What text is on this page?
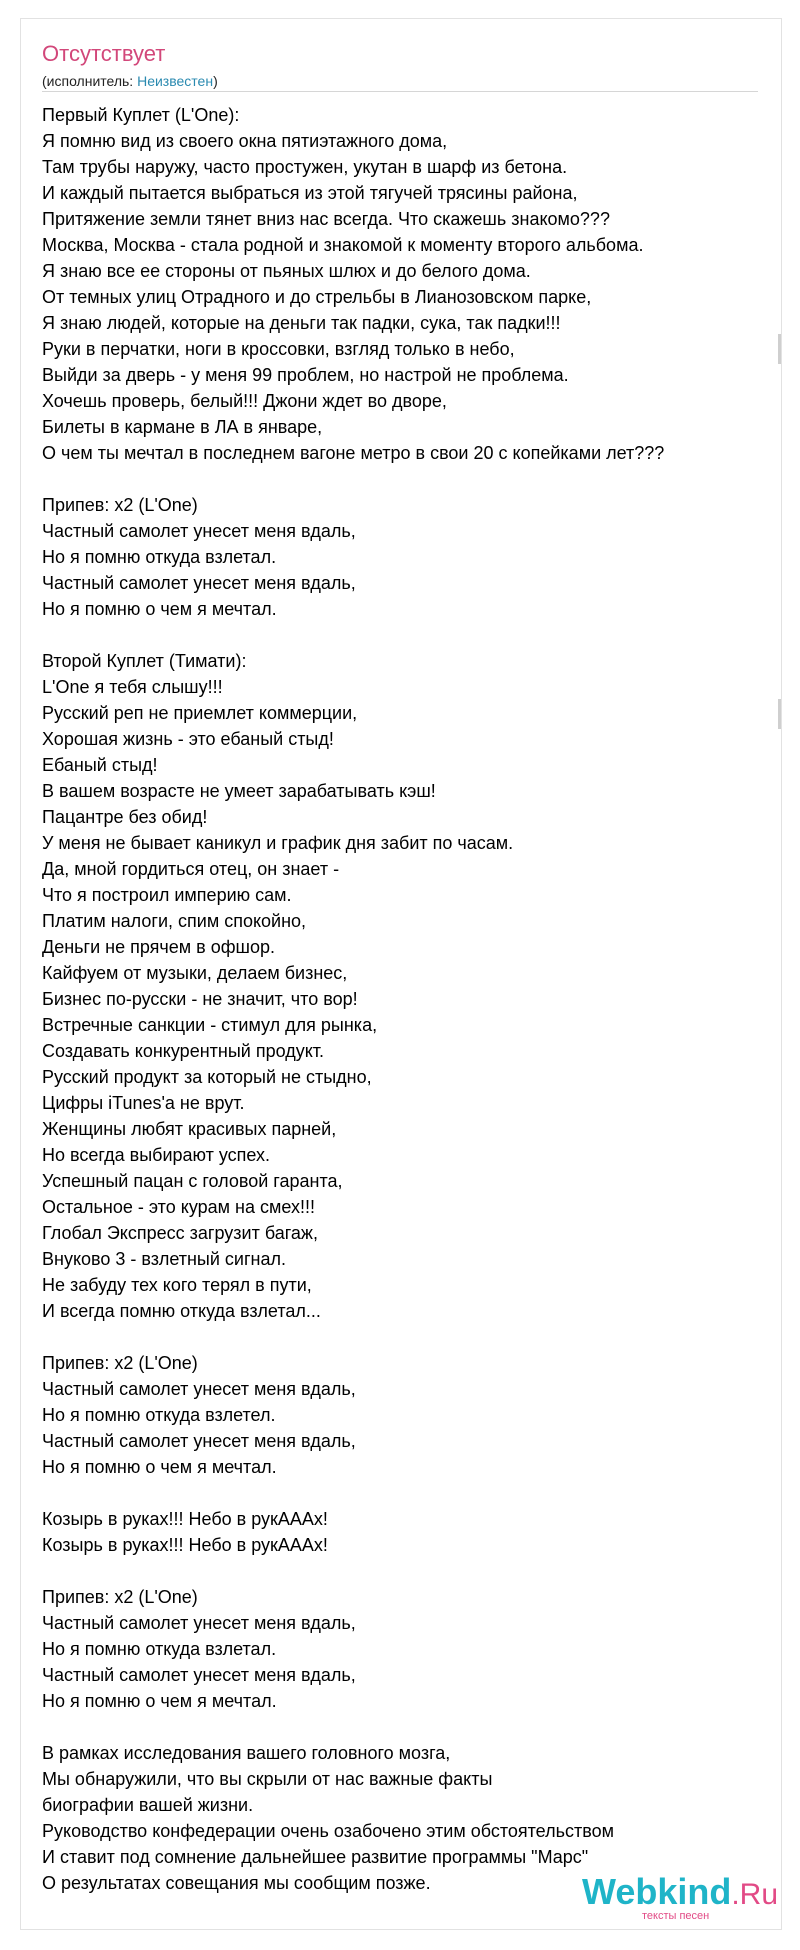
Отсутствует
(исполнитель: Неизвестен)
Первый Куплет (L'One):
Я помню вид из своего окна пятиэтажного дома,
Там трубы наружу, часто простужен, укутан в шарф из бетона.
И каждый пытается выбраться из этой тягучей трясины района,
Притяжение земли тянет вниз нас всегда. Что скажешь знакомо???
Москва, Москва - стала родной и знакомой к моменту второго альбома.
Я знаю все ее стороны от пьяных шлюх и до белого дома.
От темных улиц Отрадного и до стрельбы в Лианозовском парке,
Я знаю людей, которые на деньги так падки, сука, так падки!!!
Руки в перчатки, ноги в кроссовки, взгляд только в небо,
Выйди за дверь - у меня 99 проблем, но настрой не проблема.
Хочешь проверь, белый!!! Джони ждет во дворе,
Билеты в кармане в ЛА в январе,
О чем ты мечтал в последнем вагоне метро в свои 20 с копейками лет???
Припев: x2 (L'One)
Частный самолет унесет меня вдаль,
Но я помню откуда взлетал.
Частный самолет унесет меня вдаль,
Но я помню о чем я мечтал.
Второй Куплет (Тимати):
L'One я тебя слышу!!!
Русский реп не приемлет коммерции,
Хорошая жизнь - это ебаный стыд!
Ебаный стыд!
В вашем возрасте не умеет зарабатывать кэш!
Пацантре без обид!
У меня не бывает каникул и график дня забит по часам.
Да, мной гордиться отец, он знает -
Что я построил империю сам.
Платим налоги, спим спокойно,
Деньги не прячем в офшор.
Кайфуем от музыки, делаем бизнес,
Бизнес по-русски - не значит, что вор!
Встречные санкции - стимул для рынка,
Создавать конкурентный продукт.
Русский продукт за который не стыдно,
Цифры iTunes'а не врут.
Женщины любят красивых парней,
Но всегда выбирают успех.
Успешный пацан с головой гаранта,
Остальное - это курам на смех!!!
Глобал Экспресс загрузит багаж,
Внуково 3 - взлетный сигнал.
Не забуду тех кого терял в пути,
И всегда помню откуда взлетал...
Припев: x2 (L'One)
Частный самолет унесет меня вдаль,
Но я помню откуда взлетел.
Частный самолет унесет меня вдаль,
Но я помню о чем я мечтал.
Козырь в руках!!! Небо в рукАААх!
Козырь в руках!!! Небо в рукАААх!
Припев: x2 (L'One)
Частный самолет унесет меня вдаль,
Но я помню откуда взлетал.
Частный самолет унесет меня вдаль,
Но я помню о чем я мечтал.
В рамках исследования вашего головного мозга,
Мы обнаружили, что вы скрыли от нас важные факты
биографии вашей жизни.
Руководство конфедерации очень озабочено этим обстоятельством
И ставит под сомнение дальнейшее развитие программы "Марс"
О результатах совещания мы сообщим позже.	Webkind.Ru
тексты песен
